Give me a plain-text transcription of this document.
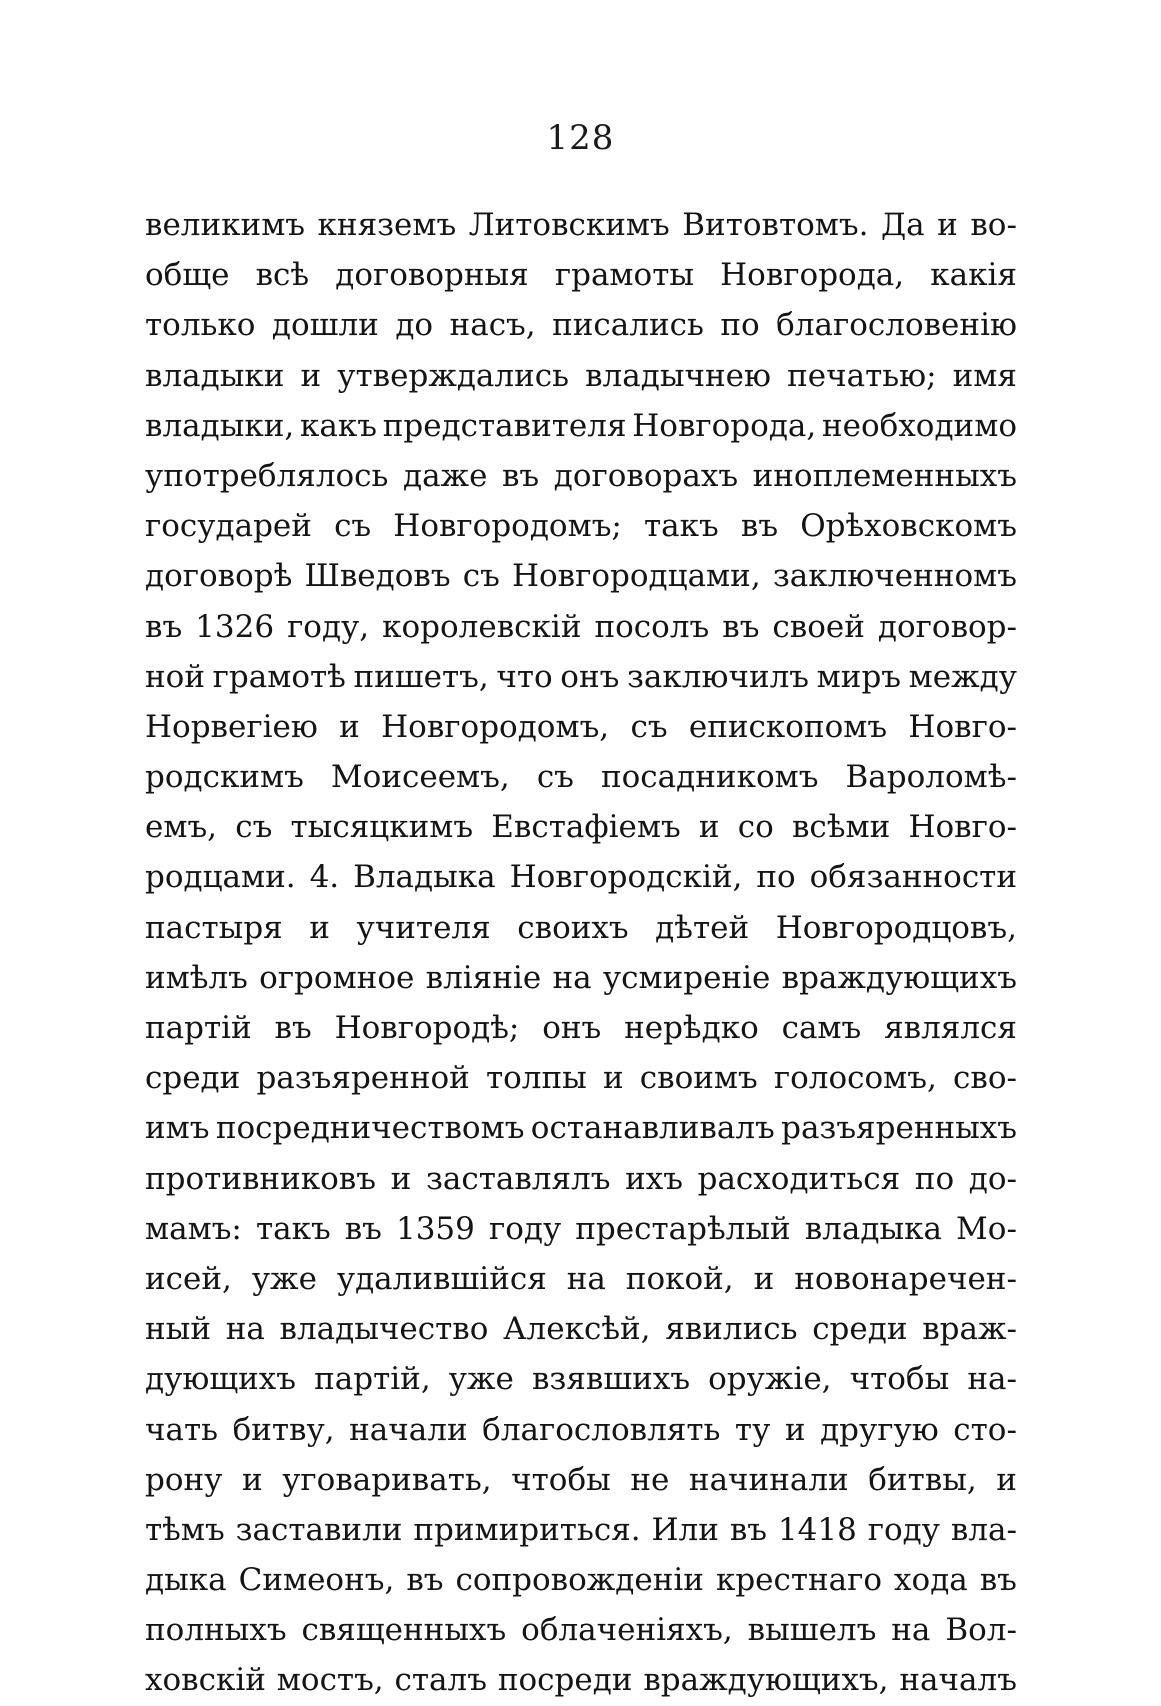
128
великимъ княземъ Литовскимъ Витовтомъ. Да и во-
обще всѣ договорныя грамоты Новгорода, какія
только дошли до насъ, писались по благословенію
владыки и утверждались владычнею печатью; имя
владыки, какъ представителя Новгорода, необходимо
употреблялось даже въ договорахъ иноплеменныхъ
государей съ Новгородомъ; такъ въ Орѣховскомъ
договорѣ Шведовъ съ Новгородцами, заключенномъ
въ 1326 году, королевскій посолъ въ своей договор-
ной грамотѣ пишетъ, что онъ заключилъ миръ между
Норвегіею и Новгородомъ, съ епископомъ Новго-
родскимъ Моисеемъ, съ посадникомъ Вароломѣ-
емъ, съ тысяцкимъ Евстафіемъ и со всѣми Новго-
родцами. 4. Владыка Новгородскій, по обязанности
пастыря и учителя своихъ дѣтей Новгородцовъ,
имѣлъ огромное вліяніе на усмиреніе враждующихъ
партій въ Новгородѣ; онъ нерѣдко самъ являлся
среди разъяренной толпы и своимъ голосомъ, сво-
имъ посредничествомъ останавливалъ разъяренныхъ
противниковъ и заставлялъ ихъ расходиться по до-
мамъ: такъ въ 1359 году престарѣлый владыка Мо-
исей, уже удалившійся на покой, и новонаречен-
ный на владычество Алексѣй, явились среди враж-
дующихъ партій, уже взявшихъ оружіе, чтобы на-
чать битву, начали благословлять ту и другую сто-
рону и уговаривать, чтобы не начинали битвы, и
тѣмъ заставили примириться. Или въ 1418 году вла-
дыка Симеонъ, въ сопровожденіи крестнаго хода въ
полныхъ священныхъ облаченіяхъ, вышелъ на Вол-
ховскій мостъ, сталъ посреди враждующихъ, началъ
